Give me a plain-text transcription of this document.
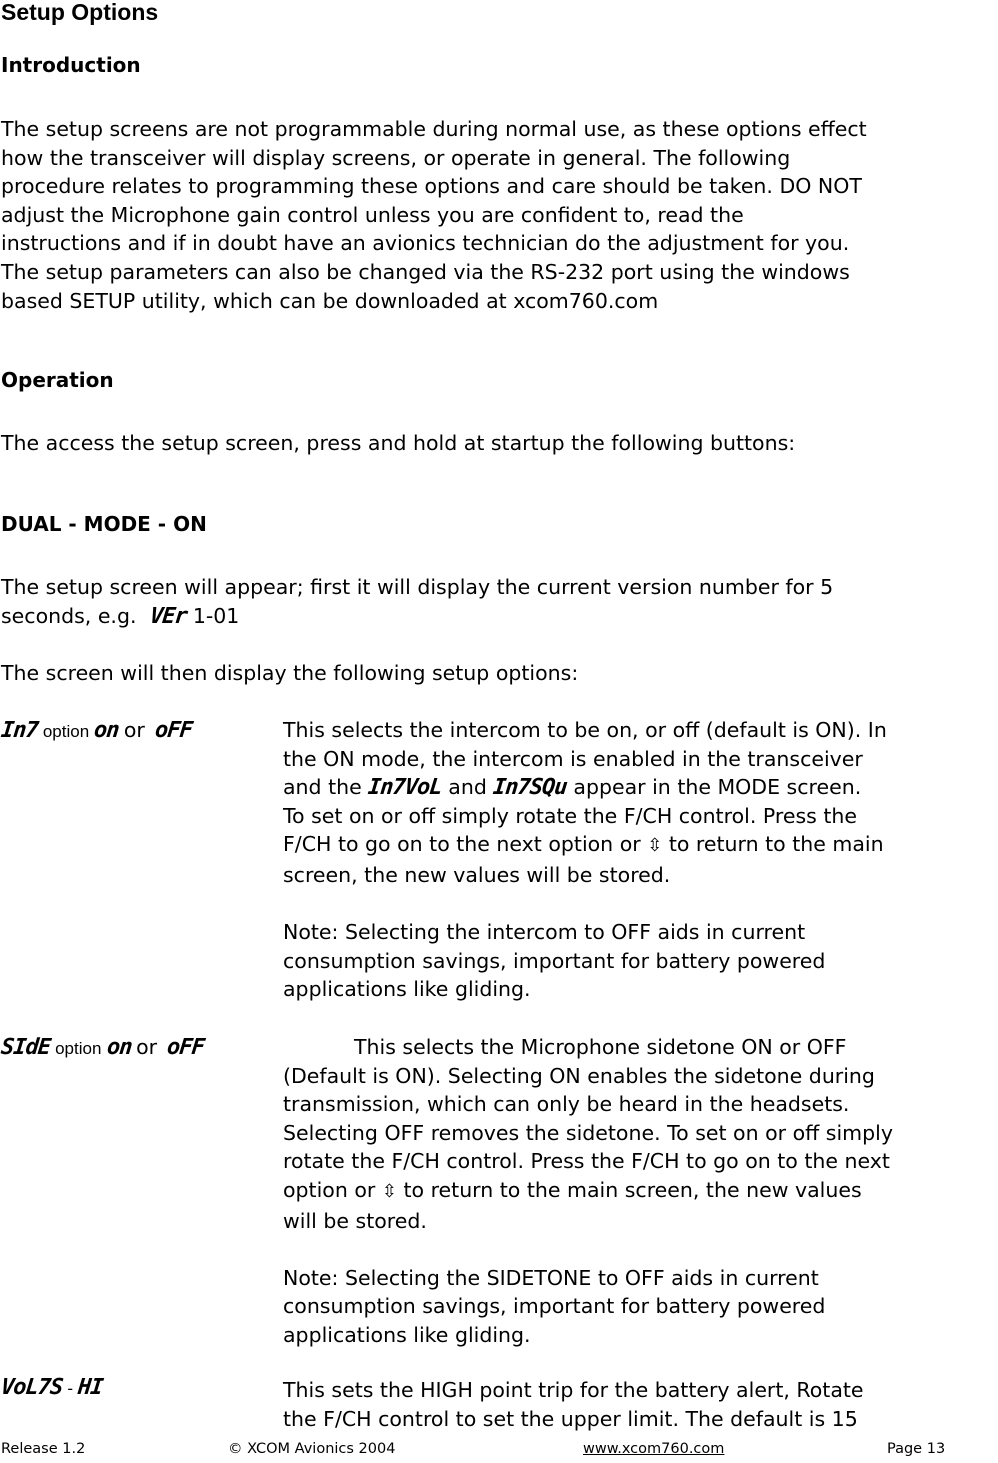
Setup Options
Introduction

The setup screens are not programmable during normal use, as these options effect

how the transceiver will display screens, or operate in general. The following

procedure relates to programming these options and care should be taken. DO NOT

adjust the Microphone gain control unless you are confident to, read the

instructions and if in doubt have an avionics technician do the adjustment for you.

The setup parameters can also be changed via the RS-232 port using the windows

based SETUP utility, which can be downloaded at xcom760.com

Operation

The access the setup screen, press and hold at startup the following buttons:

DUAL - MODE - ON

The setup screen will appear; first it will display the current version number for 5

seconds, e.g. VEr 1-01

The screen will then display the following setup options:

In7 option on or oFF	This selects the intercom to be on, or off (default is ON). In

the ON mode, the intercom is enabled in the transceiver

and the In7VoL and In7SQu appear in the MODE screen.

To set on or off simply rotate the F/CH control. Press the

F/CH to go on to the next option or ⇳ to return to the main

screen, the new values will be stored.

Note: Selecting the intercom to OFF aids in current

consumption savings, important for battery powered

applications like gliding.

SIdE option on or oFF	This selects the Microphone sidetone ON or OFF

(Default is ON). Selecting ON enables the sidetone during

transmission, which can only be heard in the headsets.

Selecting OFF removes the sidetone. To set on or off simply

rotate the F/CH control. Press the F/CH to go on to the next

option or ⇳ to return to the main screen, the new values

will be stored.

Note: Selecting the SIDETONE to OFF aids in current

consumption savings, important for battery powered

applications like gliding.

VoL7S - HI	This sets the HIGH point trip for the battery alert, Rotate

the F/CH control to set the upper limit. The default is 15

Release 1.2	© XCOM Avionics 2004	www.xcom760.com	Page 13
